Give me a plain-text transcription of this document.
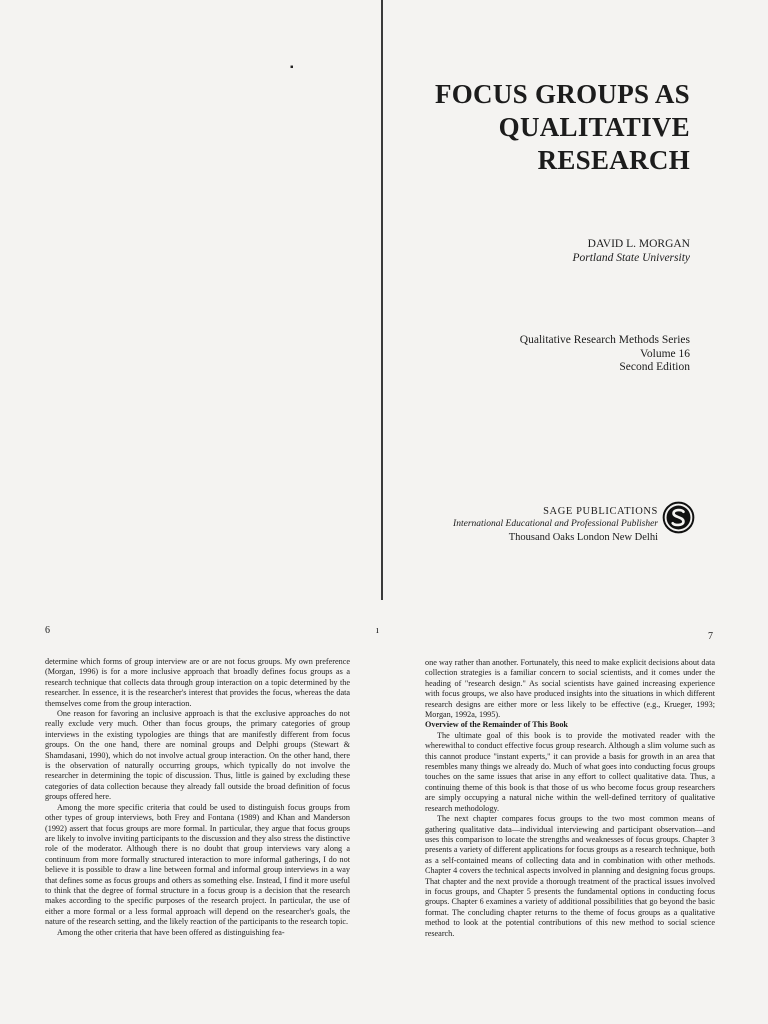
▪
FOCUS GROUPS AS
QUALITATIVE
RESEARCH
DAVID L. MORGAN
Portland State University
Qualitative Research Methods Series
Volume 16
Second Edition
SAGE PUBLICATIONS
International Educational and Professional Publisher
Thousand Oaks London New Delhi
6	ı

determine which forms of group interview are or are not focus groups. My own preference (Morgan, 1996) is for a more inclusive approach that broadly defines focus groups as a research technique that collects data through group interaction on a topic determined by the researcher. In essence, it is the researcher's interest that provides the focus, whereas the data themselves come from the group interaction.

One reason for favoring an inclusive approach is that the exclusive approaches do not really exclude very much. Other than focus groups, the primary categories of group interviews in the existing typologies are things that are manifestly different from focus groups. On the one hand, there are nominal groups and Delphi groups (Stewart & Shamdasani, 1990), which do not involve actual group interaction. On the other hand, there is the observation of naturally occurring groups, which typically do not involve the researcher in determining the topic of discussion. Thus, little is gained by excluding these categories of data collection because they already fall outside the broad definition of focus groups offered here.

Among the more specific criteria that could be used to distinguish focus groups from other types of group interviews, both Frey and Fontana (1989) and Khan and Manderson (1992) assert that focus groups are more formal. In particular, they argue that focus groups are likely to involve inviting participants to the discussion and they also stress the distinctive role of the moderator. Although there is no doubt that group interviews vary along a continuum from more formally structured interaction to more informal gatherings, I do not believe it is possible to draw a line between formal and informal group interviews in a way that defines some as focus groups and others as something else. Instead, I find it more useful to think that the degree of formal structure in a focus group is a decision that the research makes according to the specific purposes of the research project. In particular, the use of either a more formal or a less formal approach will depend on the researcher's goals, the nature of the research setting, and the likely reaction of the participants to the research topic.

Among the other criteria that have been offered as distinguishing fea-

7

one way rather than another. Fortunately, this need to make explicit decisions about data collection strategies is a familiar concern to social scientists, and it comes under the heading of "research design." As social scientists have gained increasing experience with focus groups, we also have produced insights into the situations in which different research designs are either more or less likely to be effective (e.g., Krueger, 1993; Morgan, 1992a, 1995).

Overview of the Remainder of This Book

The ultimate goal of this book is to provide the motivated reader with the wherewithal to conduct effective focus group research. Although a slim volume such as this cannot produce "instant experts," it can provide a basis for growth in an area that resembles many things we already do. Much of what goes into conducting focus groups touches on the same issues that arise in any effort to collect qualitative data. Thus, a continuing theme of this book is that those of us who become focus group researchers are simply occupying a natural niche within the well-defined territory of qualitative research methodology.

The next chapter compares focus groups to the two most common means of gathering qualitative data—individual interviewing and participant observation—and uses this comparison to locate the strengths and weaknesses of focus groups. Chapter 3 presents a variety of different applications for focus groups as a research technique, both as a self-contained means of collecting data and in combination with other methods. Chapter 4 covers the technical aspects involved in planning and designing focus groups. That chapter and the next provide a thorough treatment of the practical issues involved in focus groups, and Chapter 5 presents the fundamental options in conducting focus groups. Chapter 6 examines a variety of additional possibilities that go beyond the basic format. The concluding chapter returns to the theme of focus groups as a qualitative method to look at the potential contributions of this new method to social science research.
